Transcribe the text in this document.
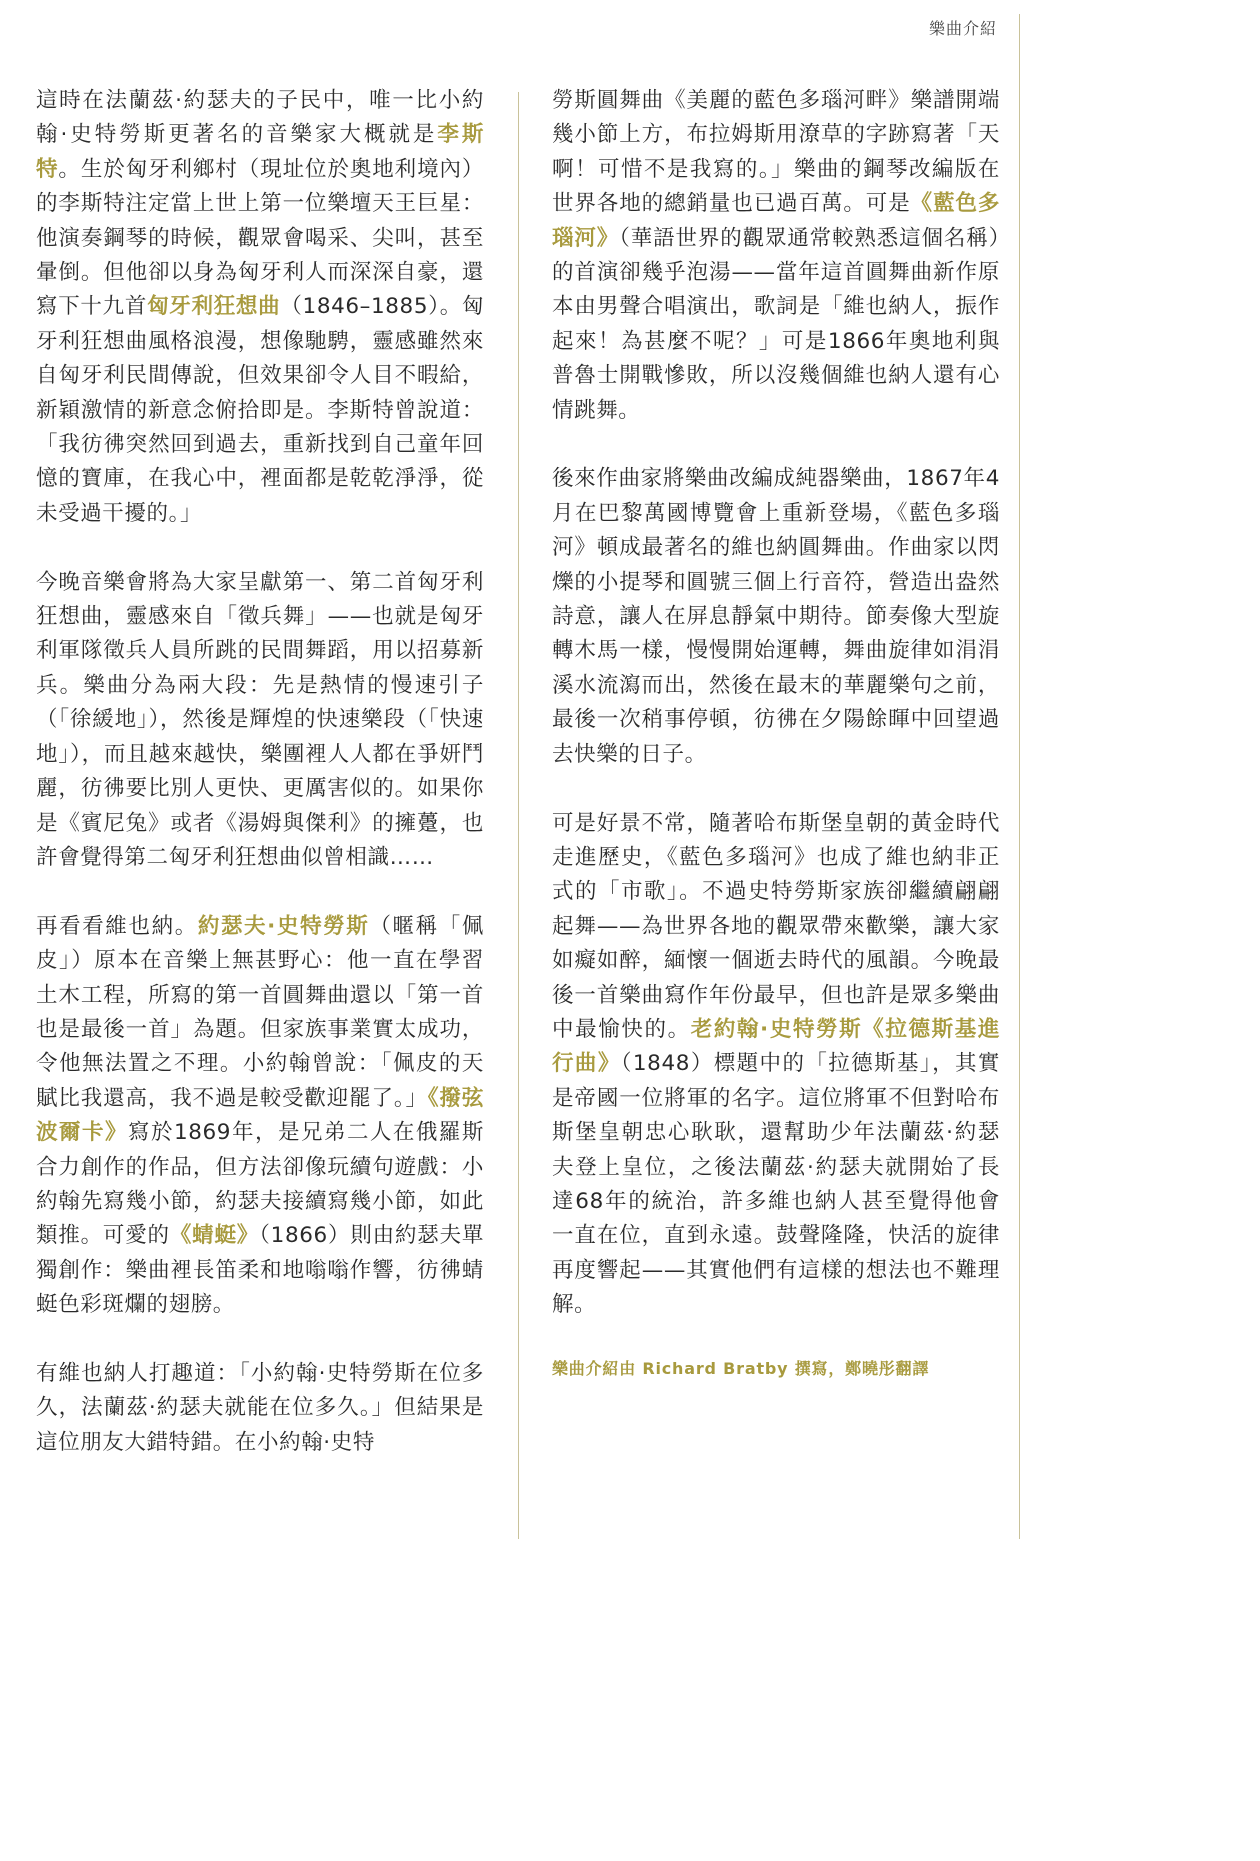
樂曲介紹

這時在法蘭茲·約瑟夫的子民中，唯一比小約翰·史特勞斯更著名的音樂家大概就是李斯特。生於匈牙利鄉村（現址位於奧地利境內）的李斯特注定當上世上第一位樂壇天王巨星：他演奏鋼琴的時候，觀眾會喝采、尖叫，甚至暈倒。但他卻以身為匈牙利人而深深自豪，還寫下十九首匈牙利狂想曲（1846–1885）。匈牙利狂想曲風格浪漫，想像馳騁，靈感雖然來自匈牙利民間傳說，但效果卻令人目不暇給，新穎激情的新意念俯拾即是。李斯特曾說道：「我彷彿突然回到過去，重新找到自己童年回憶的寶庫，在我心中，裡面都是乾乾淨淨，從未受過干擾的。」

今晚音樂會將為大家呈獻第一、第二首匈牙利狂想曲，靈感來自「徵兵舞」——也就是匈牙利軍隊徵兵人員所跳的民間舞蹈，用以招募新兵。樂曲分為兩大段：先是熱情的慢速引子（「徐緩地」），然後是輝煌的快速樂段（「快速地」），而且越來越快，樂團裡人人都在爭妍鬥麗，彷彿要比別人更快、更厲害似的。如果你是《賓尼兔》或者《湯姆與傑利》的擁躉，也許會覺得第二匈牙利狂想曲似曾相識……

再看看維也納。約瑟夫·史特勞斯（暱稱「佩皮」）原本在音樂上無甚野心：他一直在學習土木工程，所寫的第一首圓舞曲還以「第一首也是最後一首」為題。但家族事業實太成功，令他無法置之不理。小約翰曾說：「佩皮的天賦比我還高，我不過是較受歡迎罷了。」《撥弦波爾卡》寫於1869年，是兄弟二人在俄羅斯合力創作的作品，但方法卻像玩續句遊戲：小約翰先寫幾小節，約瑟夫接續寫幾小節，如此類推。可愛的《蜻蜓》（1866）則由約瑟夫單獨創作：樂曲裡長笛柔和地嗡嗡作響，彷彿蜻蜓色彩斑爛的翅膀。

有維也納人打趣道：「小約翰·史特勞斯在位多久，法蘭茲·約瑟夫就能在位多久。」但結果是這位朋友大錯特錯。在小約翰·史特

勞斯圓舞曲《美麗的藍色多瑙河畔》樂譜開端幾小節上方，布拉姆斯用潦草的字跡寫著「天啊！可惜不是我寫的。」樂曲的鋼琴改編版在世界各地的總銷量也已過百萬。可是《藍色多瑙河》（華語世界的觀眾通常較熟悉這個名稱）的首演卻幾乎泡湯——當年這首圓舞曲新作原本由男聲合唱演出，歌詞是「維也納人，振作起來！為甚麼不呢？」可是1866年奧地利與普魯士開戰慘敗，所以沒幾個維也納人還有心情跳舞。

後來作曲家將樂曲改編成純器樂曲，1867年4月在巴黎萬國博覽會上重新登場，《藍色多瑙河》頓成最著名的維也納圓舞曲。作曲家以閃爍的小提琴和圓號三個上行音符，營造出盎然詩意，讓人在屏息靜氣中期待。節奏像大型旋轉木馬一樣，慢慢開始運轉，舞曲旋律如涓涓溪水流瀉而出，然後在最末的華麗樂句之前，最後一次稍事停頓，彷彿在夕陽餘暉中回望過去快樂的日子。

可是好景不常，隨著哈布斯堡皇朝的黃金時代走進歷史，《藍色多瑙河》也成了維也納非正式的「市歌」。不過史特勞斯家族卻繼續翩翩起舞——為世界各地的觀眾帶來歡樂，讓大家如癡如醉，緬懷一個逝去時代的風韻。今晚最後一首樂曲寫作年份最早，但也許是眾多樂曲中最愉快的。老約翰·史特勞斯《拉德斯基進行曲》（1848）標題中的「拉德斯基」，其實是帝國一位將軍的名字。這位將軍不但對哈布斯堡皇朝忠心耿耿，還幫助少年法蘭茲·約瑟夫登上皇位，之後法蘭茲·約瑟夫就開始了長達68年的統治，許多維也納人甚至覺得他會一直在位，直到永遠。鼓聲隆隆，快活的旋律再度響起——其實他們有這樣的想法也不難理解。

樂曲介紹由 Richard Bratby 撰寫，鄭曉彤翻譯
